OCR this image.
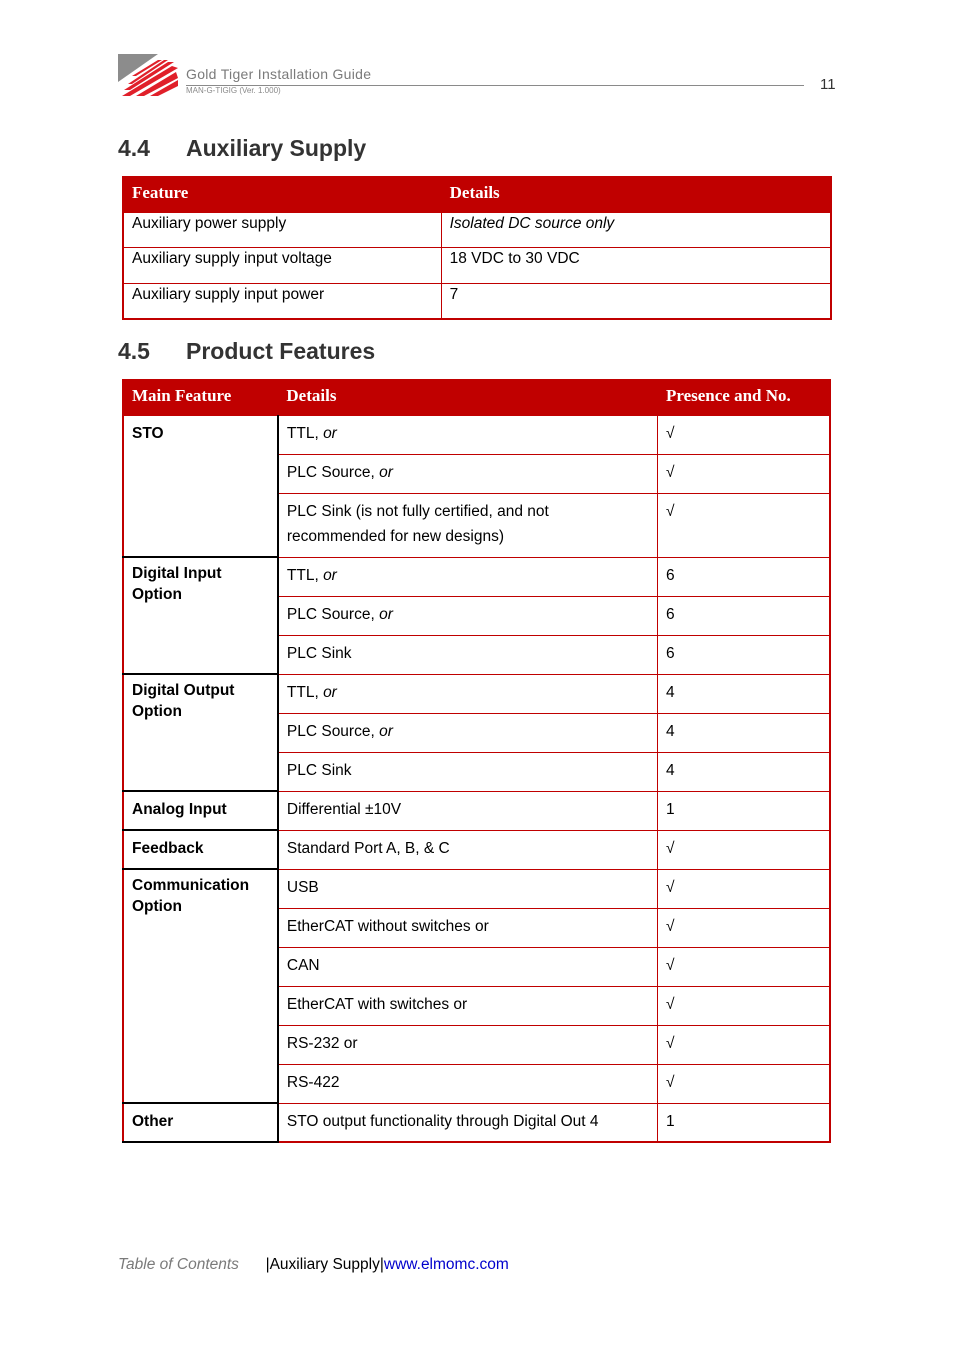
Gold Tiger Installation Guide
MAN-G-TIGIG (Ver. 1.000)	11
4.4 Auxiliary Supply
Feature	Details
Auxiliary power supply	Isolated DC source only
Auxiliary supply input voltage	18 VDC to 30 VDC
Auxiliary supply input power	7
4.5 Product Features
Main Feature	Details	Presence and No.
STO	TTL, or	√
	PLC Source, or	√
	PLC Sink (is not fully certified, and not recommended for new designs)	√
Digital Input Option	TTL, or	6
	PLC Source, or	6
	PLC Sink	6
Digital Output Option	TTL, or	4
	PLC Source, or	4
	PLC Sink	4
Analog Input	Differential ±10V	1
Feedback	Standard Port A, B, & C	√
Communication Option	USB	√
	EtherCAT without switches or	√
	CAN	√
	EtherCAT with switches or	√
	RS-232 or	√
	RS-422	√
Other	STO output functionality through Digital Out 4	1
Table of Contents |Auxiliary Supply|www.elmomc.com
